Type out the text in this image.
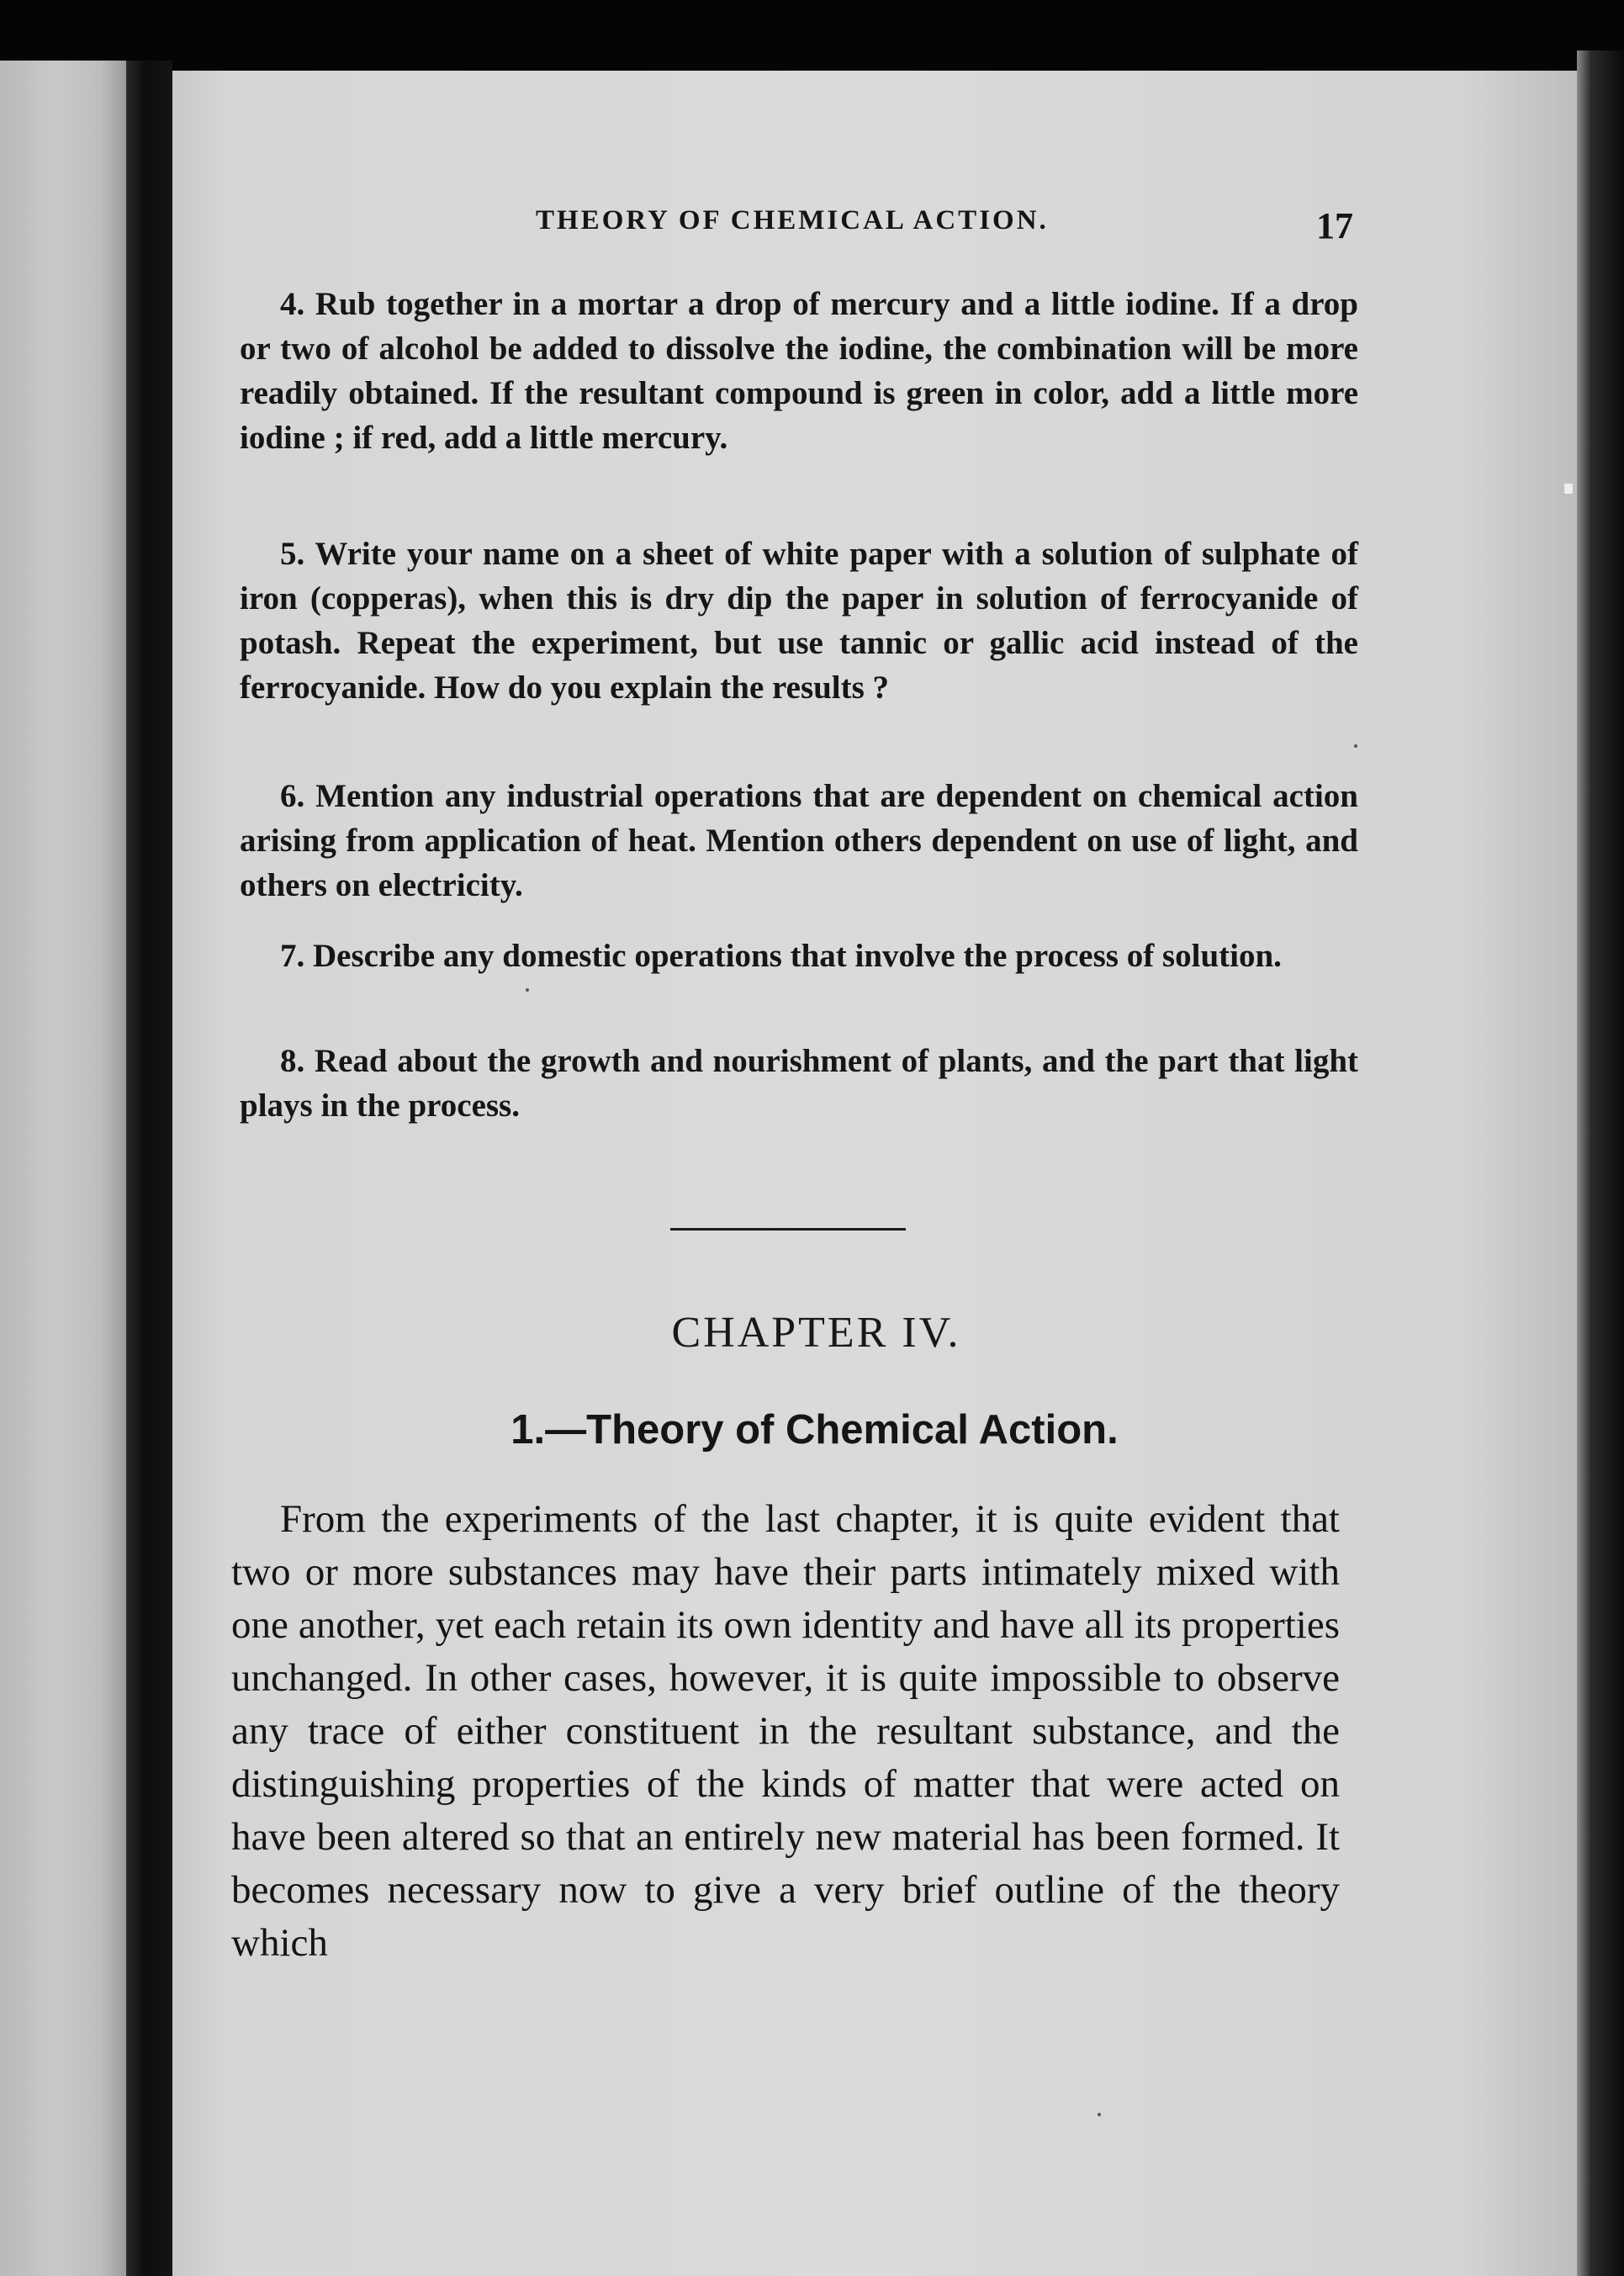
THEORY OF CHEMICAL ACTION.	17

4. Rub together in a mortar a drop of mercury and a little iodine. If a drop or two of alcohol be added to dissolve the iodine, the combination will be more readily obtained. If the resultant compound is green in color, add a little more iodine ; if red, add a little mercury.

5. Write your name on a sheet of white paper with a solution of sulphate of iron (copperas), when this is dry dip the paper in solution of ferrocyanide of potash. Repeat the experiment, but use tannic or gallic acid instead of the ferrocyanide. How do you explain the results ?

6. Mention any industrial operations that are dependent on chemical action arising from application of heat. Mention others dependent on use of light, and others on electricity.

7. Describe any domestic operations that involve the process of solution.

8. Read about the growth and nourishment of plants, and the part that light plays in the process.

CHAPTER IV.
1.—Theory of Chemical Action.

From the experiments of the last chapter, it is quite evident that two or more substances may have their parts intimately mixed with one another, yet each retain its own identity and have all its properties unchanged. In other cases, however, it is quite impossible to observe any trace of either constituent in the resultant substance, and the distinguishing properties of the kinds of matter that were acted on have been altered so that an entirely new material has been formed. It becomes necessary now to give a very brief outline of the theory which
